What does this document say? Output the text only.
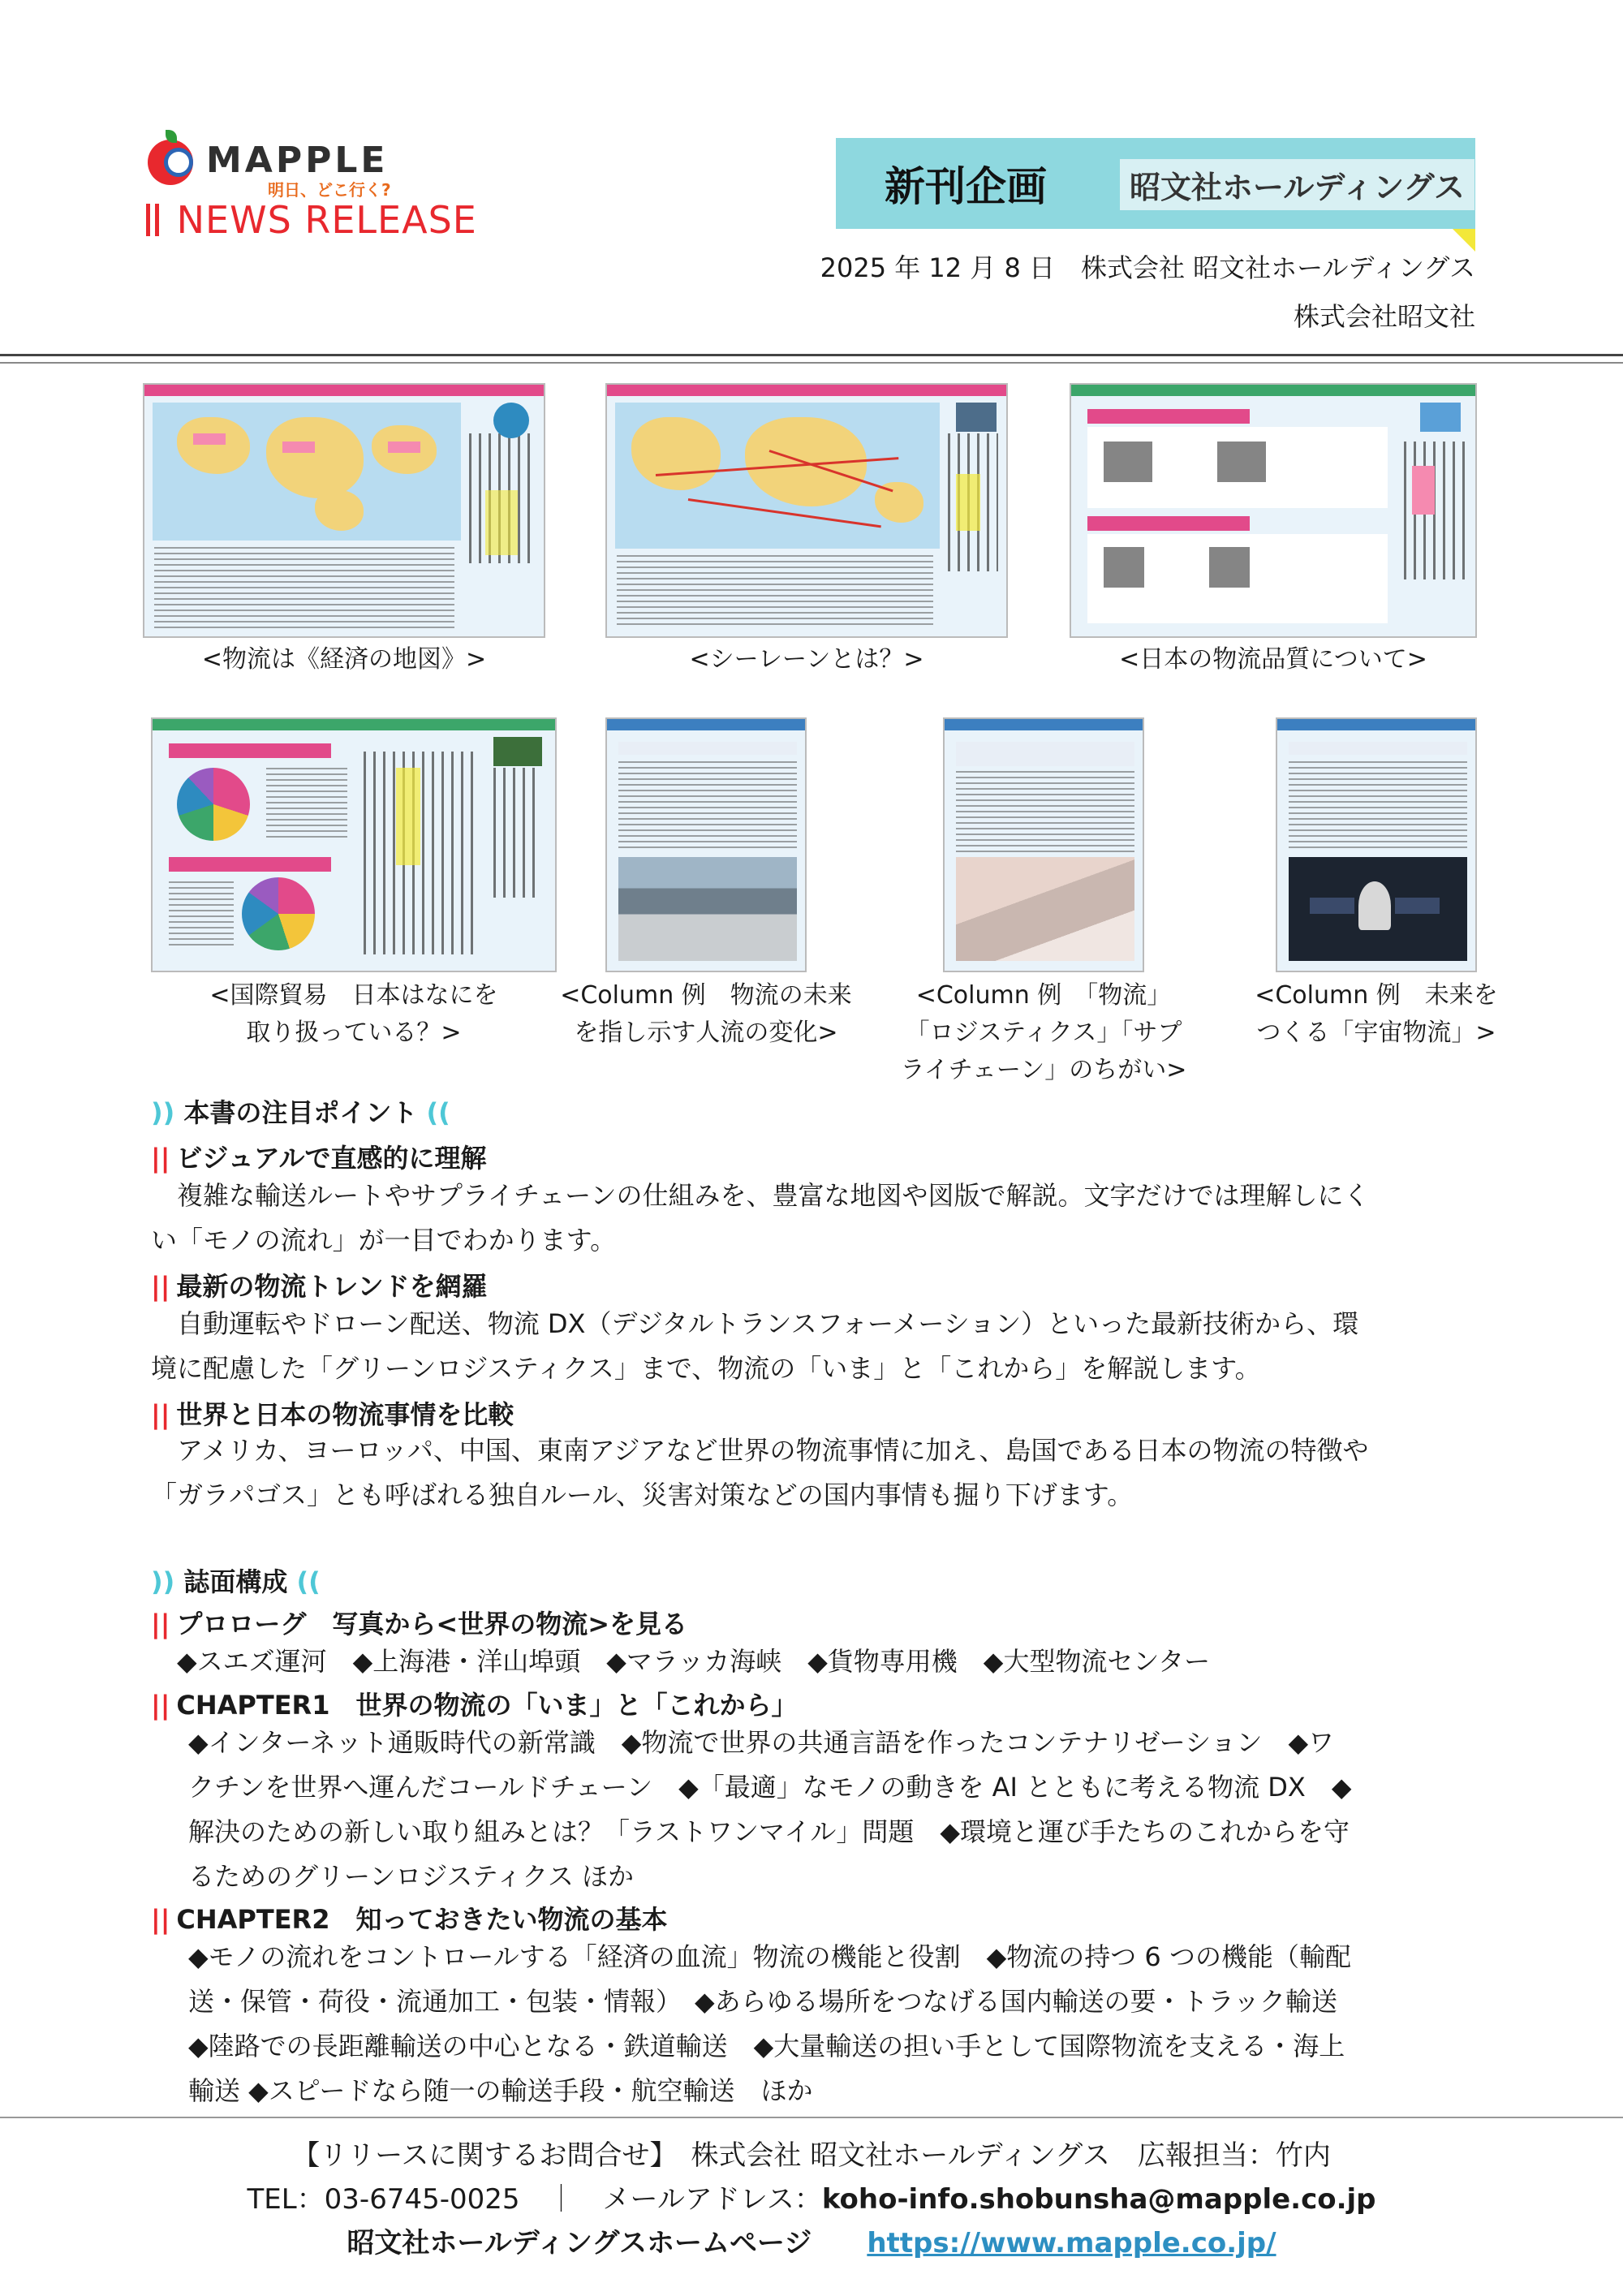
MAPPLE
明日、どこ行く?
NEWS RELEASE
新刊企画	昭文社ホールディングス
2025 年 12 月 8 日　株式会社 昭文社ホールディングス
株式会社昭文社
<物流は《経済の地図》>	<シーレーンとは？>	<日本の物流品質について>
<国際貿易　日本はなにを
取り扱っている？>
<Column 例　物流の未来
を指し示す人流の変化>
<Column 例　「物流」
「ロジスティクス」「サプ
ライチェーン」のちがい>
<Column 例　未来を
つくる「宇宙物流」>
)) 本書の注目ポイント ((
|| ビジュアルで直感的に理解
　複雑な輸送ルートやサプライチェーンの仕組みを、豊富な地図や図版で解説。文字だけでは理解しにく
い「モノの流れ」が一目でわかります。
|| 最新の物流トレンドを網羅
　自動運転やドローン配送、物流 DX（デジタルトランスフォーメーション）といった最新技術から、環
境に配慮した「グリーンロジスティクス」まで、物流の「いま」と「これから」を解説します。
|| 世界と日本の物流事情を比較
　アメリカ、ヨーロッパ、中国、東南アジアなど世界の物流事情に加え、島国である日本の物流の特徴や
「ガラパゴス」とも呼ばれる独自ルール、災害対策などの国内事情も掘り下げます。
)) 誌面構成 ((
|| プロローグ　写真から<世界の物流>を見る
◆スエズ運河　◆上海港・洋山埠頭　◆マラッカ海峡　◆貨物専用機　◆大型物流センター
|| CHAPTER1　世界の物流の「いま」と「これから」
◆インターネット通販時代の新常識　◆物流で世界の共通言語を作ったコンテナリゼーション　◆ワ
クチンを世界へ運んだコールドチェーン　◆「最適」なモノの動きを AI とともに考える物流 DX　◆
解決のための新しい取り組みとは？「ラストワンマイル」問題　◆環境と運び手たちのこれからを守
るためのグリーンロジスティクス ほか
|| CHAPTER2　知っておきたい物流の基本
◆モノの流れをコントロールする「経済の血流」物流の機能と役割　◆物流の持つ 6 つの機能（輸配
送・保管・荷役・流通加工・包装・情報）　◆あらゆる場所をつなげる国内輸送の要・トラック輸送
◆陸路での長距離輸送の中心となる・鉄道輸送　◆大量輸送の担い手として国際物流を支える・海上
輸送 ◆スピードなら随一の輸送手段・航空輸送　ほか
【リリースに関するお問合せ】　株式会社 昭文社ホールディングス　広報担当：竹内
TEL：03-6745-0025　｜　メールアドレス：koho-info.shobunsha@mapple.co.jp
昭文社ホールディングスホームページ　　 https://www.mapple.co.jp/
